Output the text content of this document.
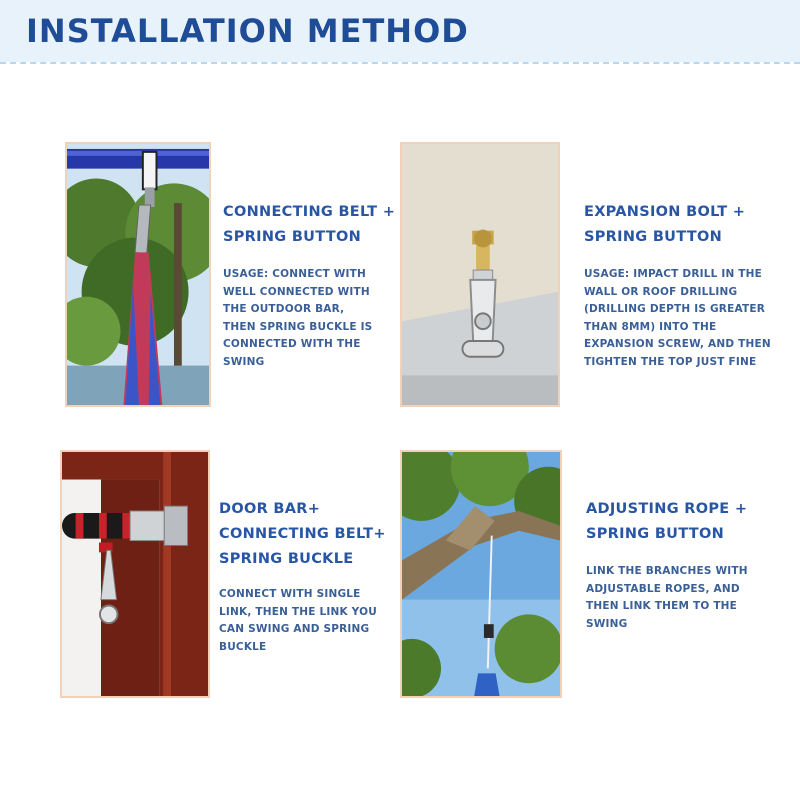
INSTALLATION METHOD
CONNECTING BELT +
SPRING BUTTON
USAGE: CONNECT WITH
WELL CONNECTED WITH
THE OUTDOOR BAR,
THEN SPRING BUCKLE IS
CONNECTED WITH THE
SWING
EXPANSION BOLT +
SPRING BUTTON
USAGE: IMPACT DRILL IN THE
WALL OR ROOF DRILLING
(DRILLING DEPTH IS GREATER
THAN 8MM) INTO THE
EXPANSION SCREW, AND THEN
TIGHTEN THE TOP JUST FINE
DOOR BAR+
CONNECTING BELT+
SPRING BUCKLE
CONNECT WITH SINGLE
LINK, THEN THE LINK YOU
CAN SWING AND SPRING
BUCKLE
ADJUSTING ROPE +
SPRING BUTTON
LINK THE BRANCHES WITH
ADJUSTABLE ROPES, AND
THEN LINK THEM TO THE
SWING
